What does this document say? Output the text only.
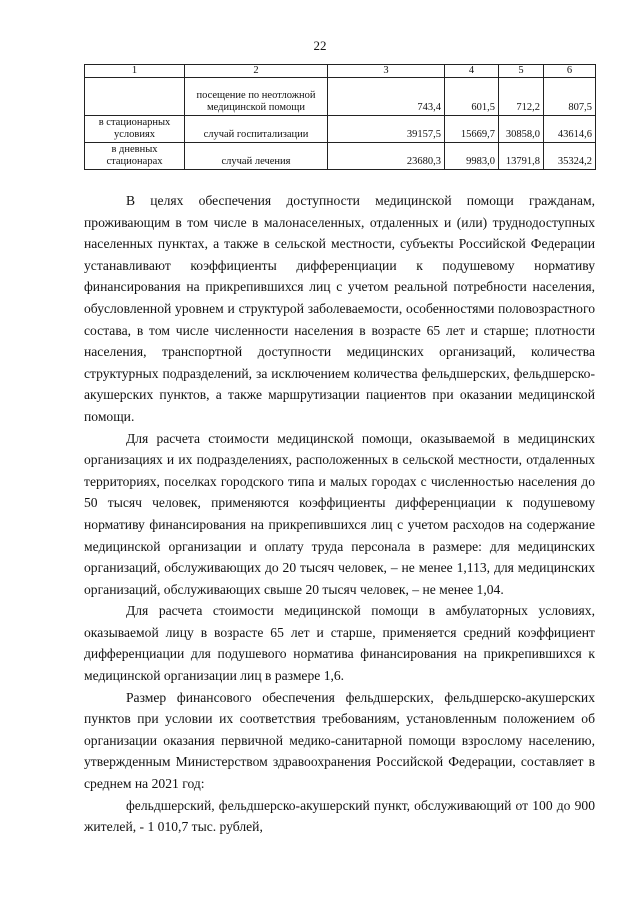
22
1	2	3	4	5	6
	посещение по неотложной медицинской помощи	743,4	601,5	712,2	807,5
в стационарных условиях	случай госпитализации	39157,5	15669,7	30858,0	43614,6
в дневных стационарах	случай лечения	23680,3	9983,0	13791,8	35324,2

В целях обеспечения доступности медицинской помощи гражданам, проживающим в том числе в малонаселенных, отдаленных и (или) труднодоступных населенных пунктах, а также в сельской местности, субъекты Российской Федерации устанавливают коэффициенты дифференциации к подушевому нормативу финансирования на прикрепившихся лиц с учетом реальной потребности населения, обусловленной уровнем и структурой заболеваемости, особенностями половозрастного состава, в том числе численности населения в возрасте 65 лет и старше; плотности населения, транспортной доступности медицинских организаций, количества структурных подразделений, за исключением количества фельдшерских, фельдшерско-акушерских пунктов, а также маршрутизации пациентов при оказании медицинской помощи.

Для расчета стоимости медицинской помощи, оказываемой в медицинских организациях и их подразделениях, расположенных в сельской местности, отдаленных территориях, поселках городского типа и малых городах с численностью населения до 50 тысяч человек, применяются коэффициенты дифференциации к подушевому нормативу финансирования на прикрепившихся лиц с учетом расходов на содержание медицинской организации и оплату труда персонала в размере: для медицинских организаций, обслуживающих до 20 тысяч человек, – не менее 1,113, для медицинских организаций, обслуживающих свыше 20 тысяч человек, – не менее 1,04.

Для расчета стоимости медицинской помощи в амбулаторных условиях, оказываемой лицу в возрасте 65 лет и старше, применяется средний коэффициент дифференциации для подушевого норматива финансирования на прикрепившихся к медицинской организации лиц в размере 1,6.

Размер финансового обеспечения фельдшерских, фельдшерско-акушерских пунктов при условии их соответствия требованиям, установленным положением об организации оказания первичной медико-санитарной помощи взрослому населению, утвержденным Министерством здравоохранения Российской Федерации, составляет в среднем на 2021 год:

фельдшерский, фельдшерско-акушерский пункт, обслуживающий от 100 до 900 жителей, - 1 010,7 тыс. рублей,
